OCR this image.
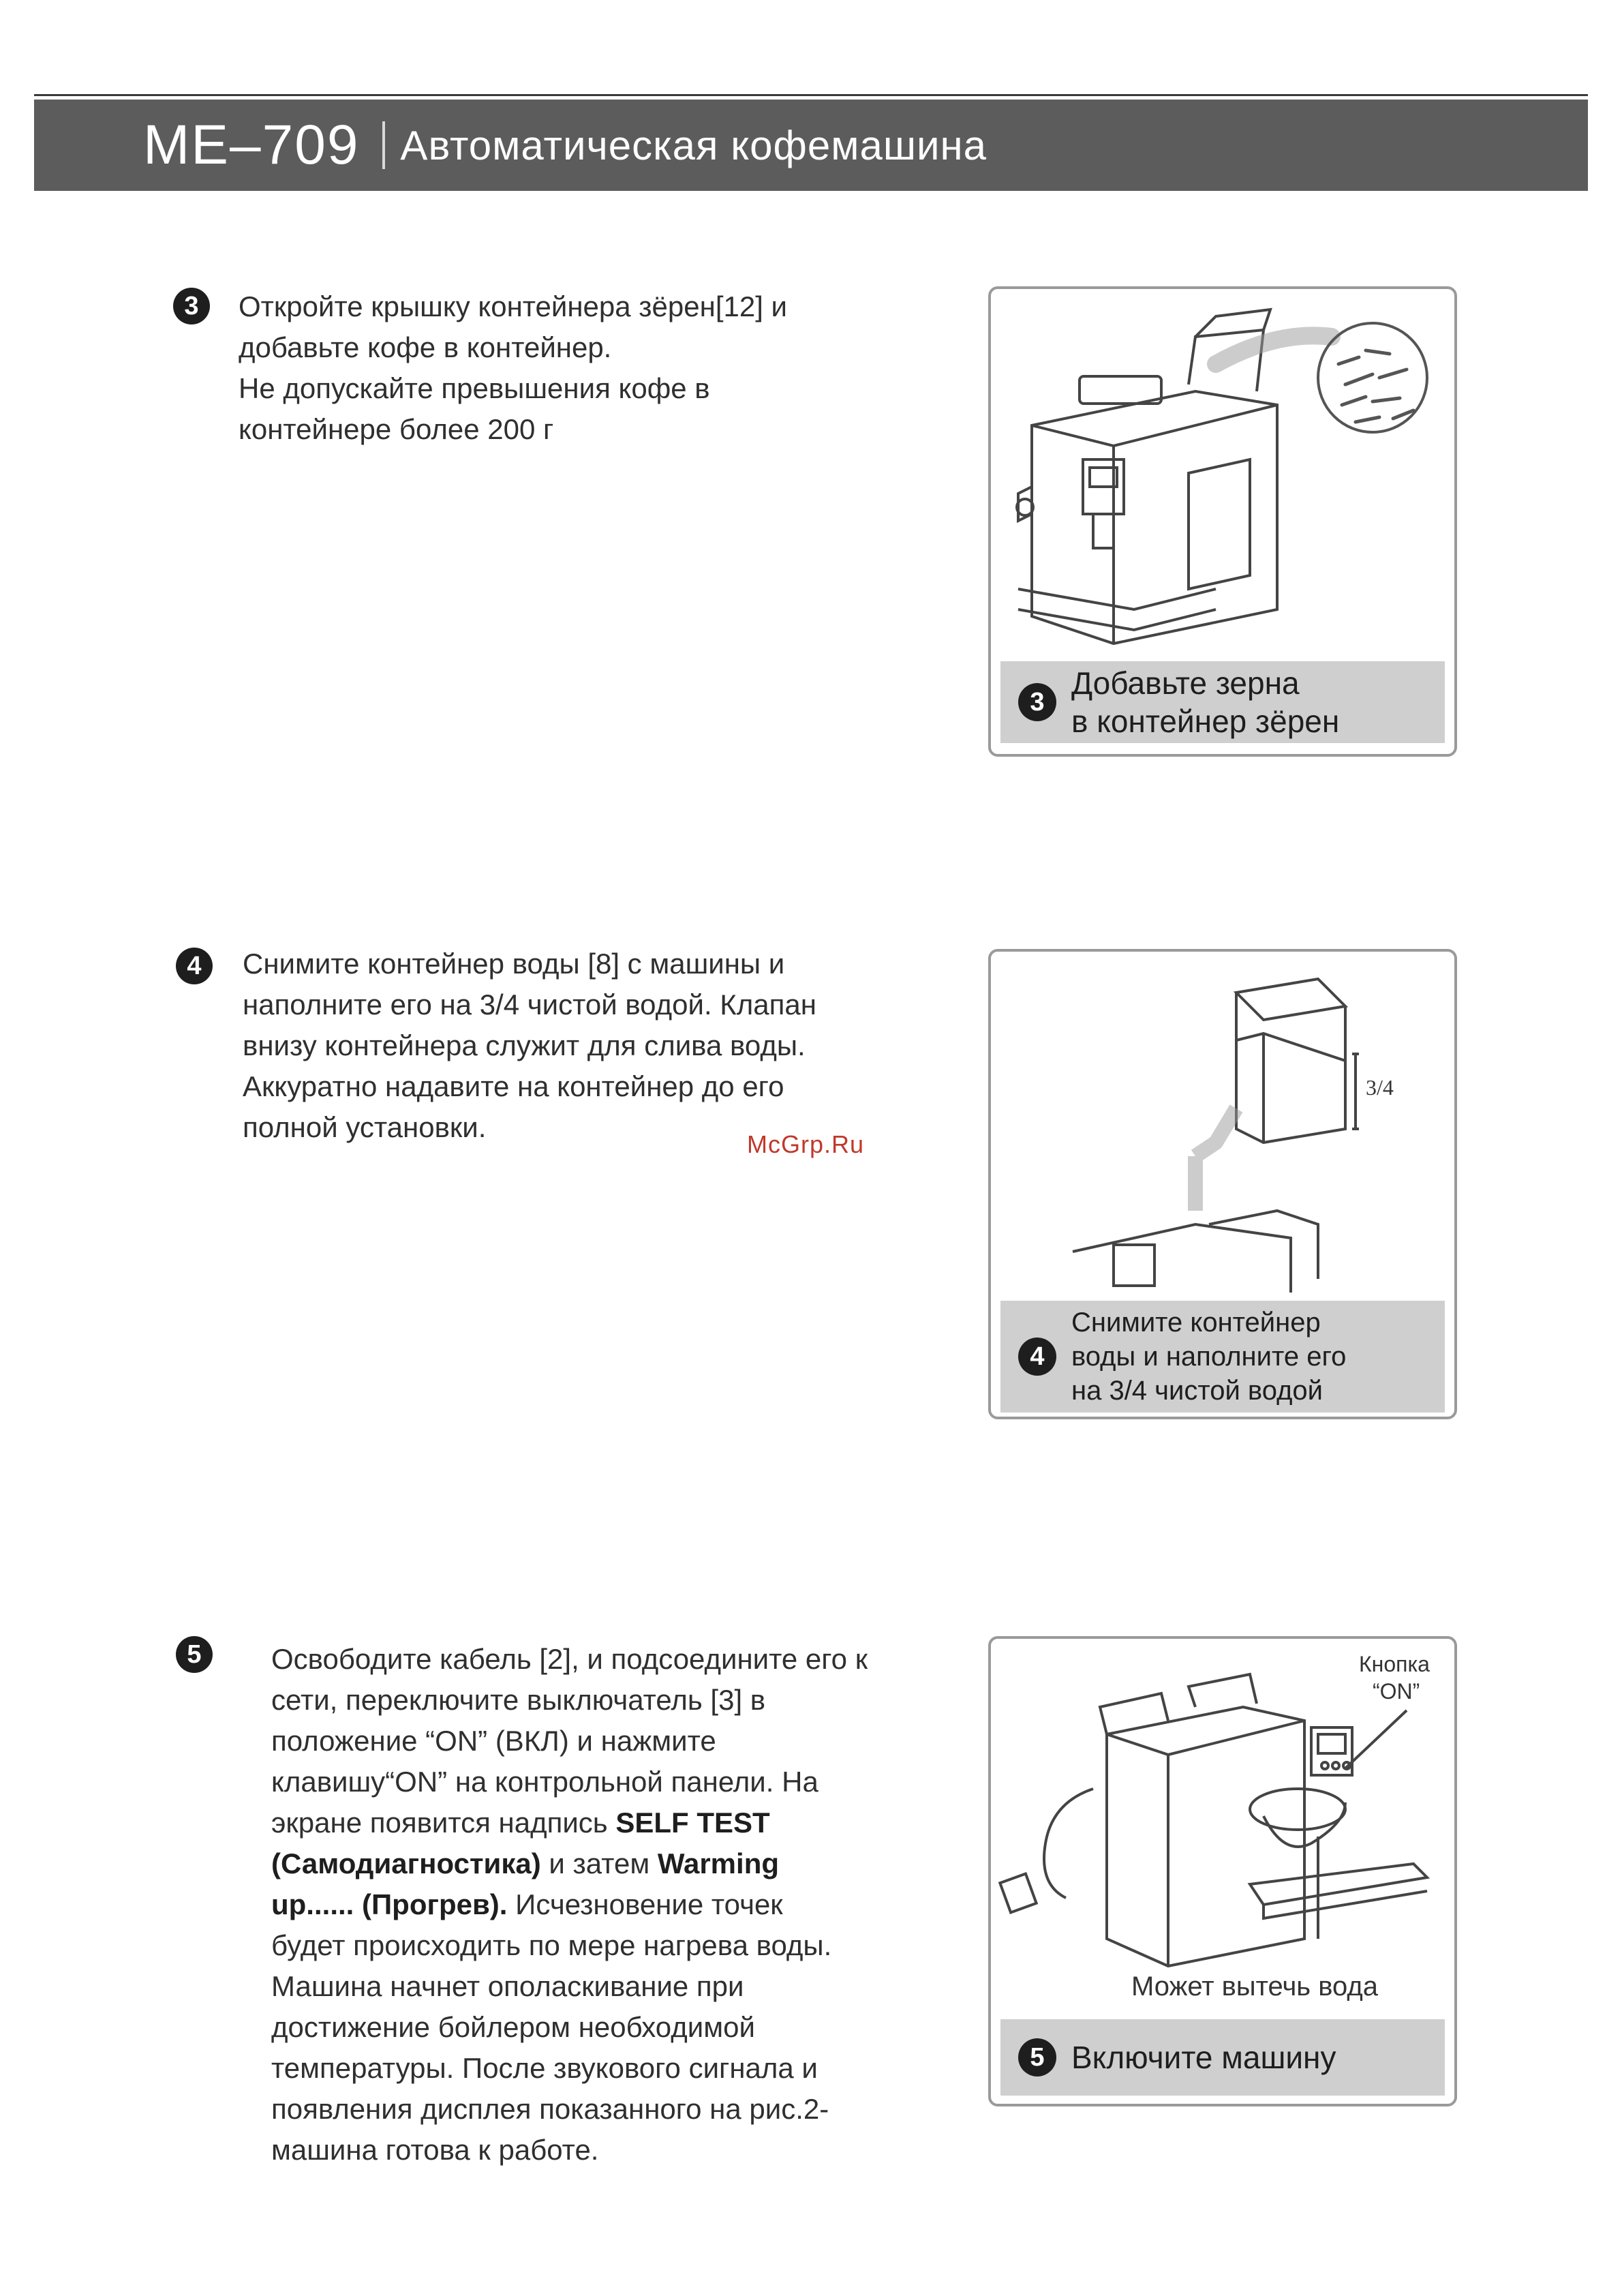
ME–709 Автоматическая кофемашина
3	Откройте крышку контейнера зёрен[12] и
добавьте кофе в контейнер.
Не допускайте превышения кофе в
контейнере более 200 г
3
Добавьте зерна
в контейнер зёрен
4	Снимите контейнер воды [8] с машины и
наполните его на 3/4 чистой водой. Клапан
внизу контейнера служит для слива воды.
Аккуратно надавите на контейнер до его
полной установки.
McGrp.Ru
3/4
4
Снимите контейнер
воды и наполните его
на 3/4 чистой водой
5	Освободите кабель [2], и подсоедините его к
сети, переключите выключатель [3] в
положение “ON” (ВКЛ) и нажмите
клавишу“ON” на контрольной панели. На
экране появится надпись SELF TEST
(Самодиагностика) и затем Warming
up...... (Прогрев). Исчезновение точек
будет происходить по мере нагрева воды.
Машина начнет ополаскивание при
достижение бойлером необходимой
температуры. После звукового сигнала и
появления дисплея показанного на рис.2-
машина готова к работе.
Кнопка
“ON”
Может вытечь вода
5 Включите машину
